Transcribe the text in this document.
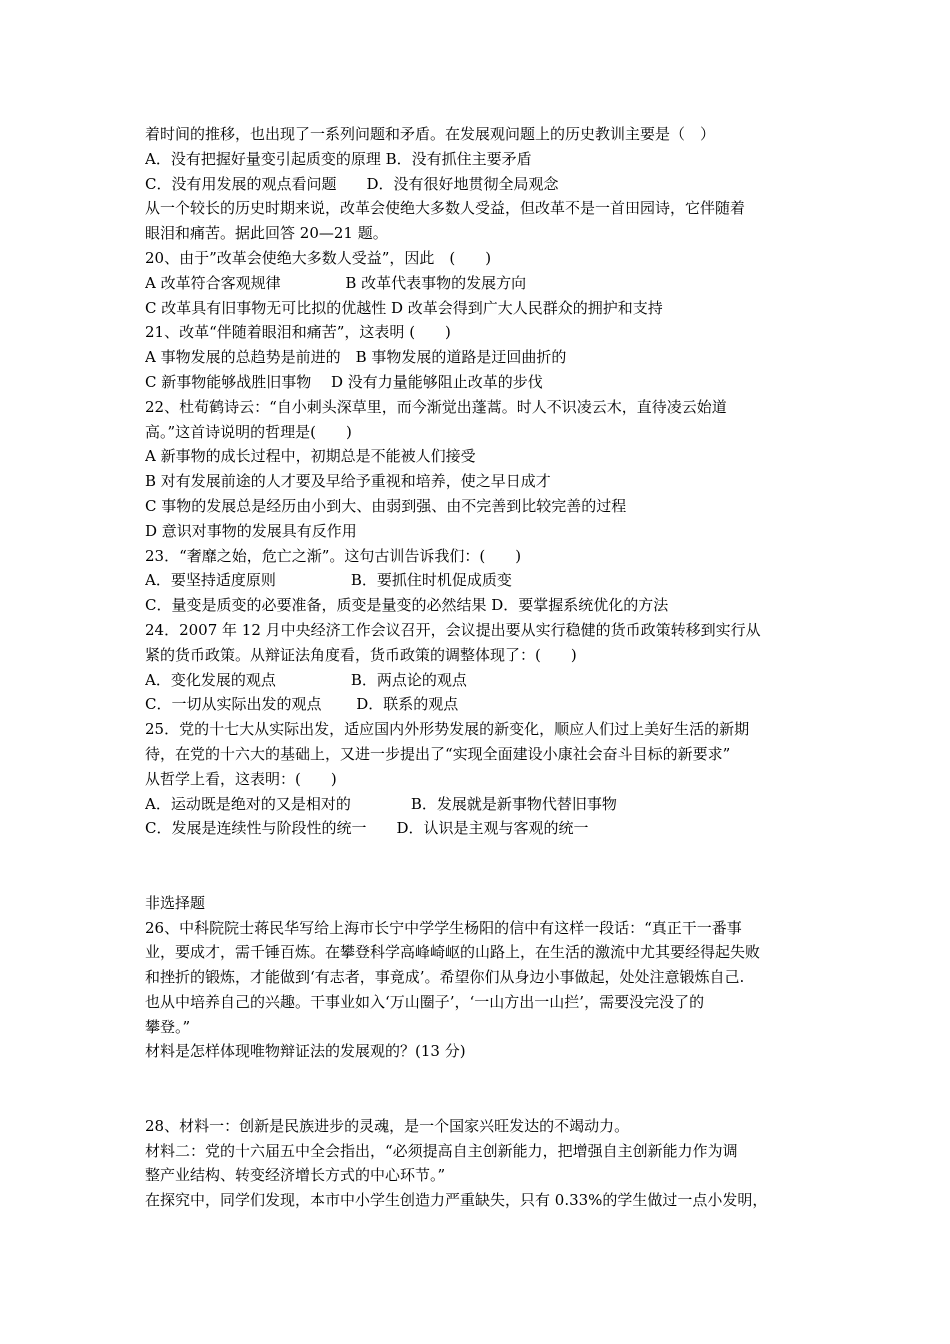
着时间的推移，也出现了一系列问题和矛盾。在发展观问题上的历史教训主要是（　）
A．没有把握好量变引起质变的原理 B．没有抓住主要矛盾
C．没有用发展的观点看问题　　D．没有很好地贯彻全局观念
从一个较长的历史时期来说，改革会使绝大多数人受益，但改革不是一首田园诗，它伴随着
眼泪和痛苦。据此回答 20—21 题。
20、由于”改革会使绝大多数人受益”，因此　(　　)
A 改革符合客观规律　　　　 B 改革代表事物的发展方向
C 改革具有旧事物无可比拟的优越性 D 改革会得到广大人民群众的拥护和支持
21、改革“伴随着眼泪和痛苦”，这表明 (　　)
A 事物发展的总趋势是前进的　B 事物发展的道路是迂回曲折的
C 新事物能够战胜旧事物　 D 没有力量能够阻止改革的步伐
22、杜荀鹤诗云：“自小刺头深草里，而今渐觉出蓬蒿。时人不识凌云木，直待凌云始道
高。”这首诗说明的哲理是(　　)
A 新事物的成长过程中，初期总是不能被人们接受
B 对有发展前途的人才要及早给予重视和培养，使之早日成才
C 事物的发展总是经历由小到大、由弱到强、由不完善到比较完善的过程
D 意识对事物的发展具有反作用
23．“奢靡之始，危亡之渐”。这句古训告诉我们：(　　)
A．要坚持适度原则　　　　　B．要抓住时机促成质变
C．量变是质变的必要准备，质变是量变的必然结果 D．要掌握系统优化的方法
24．2007 年 12 月中央经济工作会议召开，会议提出要从实行稳健的货币政策转移到实行从
紧的货币政策。从辩证法角度看，货币政策的调整体现了：(　　)
A．变化发展的观点　　　　　B．两点论的观点
C．一切从实际出发的观点　　 D．联系的观点
25．党的十七大从实际出发，适应国内外形势发展的新变化，顺应人们过上美好生活的新期
待，在党的十六大的基础上，又进一步提出了“实现全面建设小康社会奋斗目标的新要求”
从哲学上看，这表明：(　　)
A．运动既是绝对的又是相对的　　　　B．发展就是新事物代替旧事物
C．发展是连续性与阶段性的统一　　D．认识是主观与客观的统一
非选择题
26、中科院院士蒋民华写给上海市长宁中学学生杨阳的信中有这样一段话：“真正干一番事
业，要成才，需千锤百炼。在攀登科学高峰崎岖的山路上，在生活的激流中尤其要经得起失败
和挫折的锻炼，才能做到‘有志者，事竟成’。希望你们从身边小事做起，处处注意锻炼自己.
也从中培养自己的兴趣。干事业如入‘万山圈子’，‘一山方出一山拦’，需要没完没了的
攀登。”
材料是怎样体现唯物辩证法的发展观的？(13 分)
28、材料一：创新是民族进步的灵魂，是一个国家兴旺发达的不竭动力。
材料二：党的十六届五中全会指出，“必须提高自主创新能力，把增强自主创新能力作为调
整产业结构、转变经济增长方式的中心环节。”
在探究中，同学们发现，本市中小学生创造力严重缺失，只有 0.33%的学生做过一点小发明，
